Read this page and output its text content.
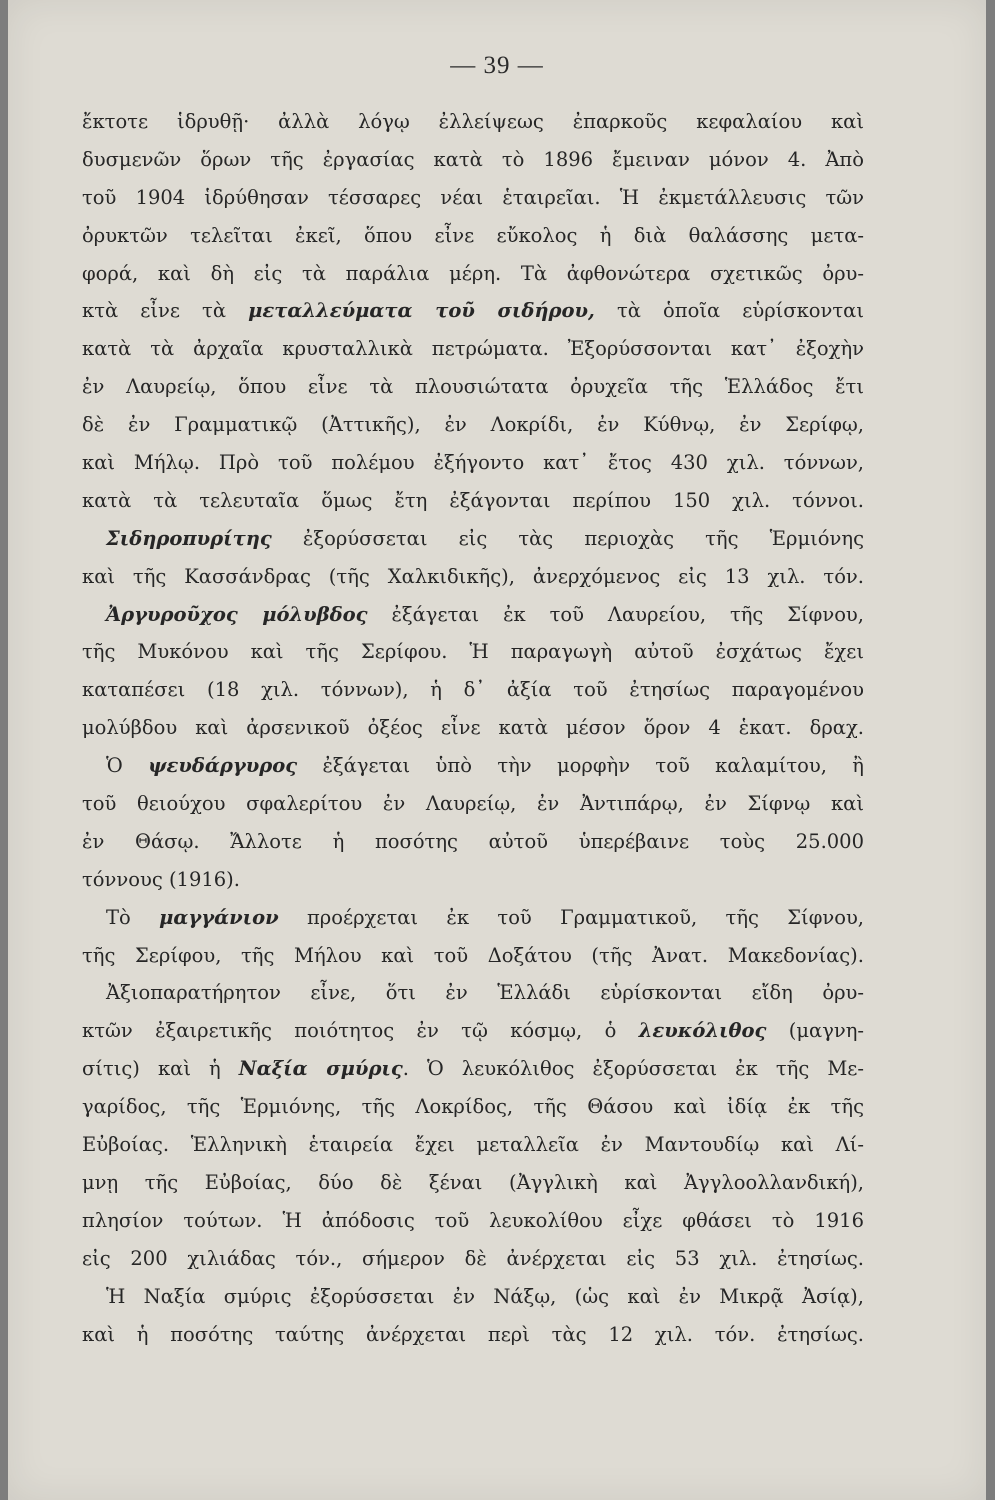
— 39 —
ἔκτοτε ἱδρυθῇ· ἀλλὰ λόγῳ ἐλλείψεως ἐπαρκοῦς κεφαλαίου καὶ
δυσμενῶν ὅρων τῆς ἐργασίας κατὰ τὸ 1896 ἔμειναν μόνον 4. Ἀπὸ
τοῦ 1904 ἱδρύθησαν τέσσαρες νέαι ἑταιρεῖαι. Ἡ ἐκμετάλλευσις τῶν
ὀρυκτῶν τελεῖται ἐκεῖ, ὅπου εἶνε εὔκολος ἡ διὰ θαλάσσης μετα-
φορά, καὶ δὴ εἰς τὰ παράλια μέρη. Τὰ ἀφθονώτερα σχετικῶς ὀρυ-
κτὰ εἶνε τὰ μεταλλεύματα τοῦ σιδήρου, τὰ ὁποῖα εὑρίσκονται
κατὰ τὰ ἀρχαῖα κρυσταλλικὰ πετρώματα. Ἐξορύσσονται κατ᾽ ἐξοχὴν
ἐν Λαυρείῳ, ὅπου εἶνε τὰ πλουσιώτατα ὀρυχεῖα τῆς Ἑλλάδος ἔτι
δὲ ἐν Γραμματικῷ (Ἀττικῆς), ἐν Λοκρίδι, ἐν Κύθνῳ, ἐν Σερίφῳ,
καὶ Μήλῳ. Πρὸ τοῦ πολέμου ἐξήγοντο κατ᾽ ἔτος 430 χιλ. τόννων,
κατὰ τὰ τελευταῖα ὅμως ἔτη ἐξάγονται περίπου 150 χιλ. τόννοι.
Σιδηροπυρίτης ἐξορύσσεται εἰς τὰς περιοχὰς τῆς Ἑρμιόνης
καὶ τῆς Κασσάνδρας (τῆς Χαλκιδικῆς), ἀνερχόμενος εἰς 13 χιλ. τόν.
Ἀργυροῦχος μόλυβδος ἐξάγεται ἐκ τοῦ Λαυρείου, τῆς Σίφνου,
τῆς Μυκόνου καὶ τῆς Σερίφου. Ἡ παραγωγὴ αὐτοῦ ἐσχάτως ἔχει
καταπέσει (18 χιλ. τόννων), ἡ δ᾽ ἀξία τοῦ ἐτησίως παραγομένου
μολύβδου καὶ ἀρσενικοῦ ὀξέος εἶνε κατὰ μέσον ὅρον 4 ἑκατ. δραχ.
Ὁ ψευδάργυρος ἐξάγεται ὑπὸ τὴν μορφὴν τοῦ καλαμίτου, ἢ
τοῦ θειούχου σφαλερίτου ἐν Λαυρείῳ, ἐν Ἀντιπάρῳ, ἐν Σίφνῳ καὶ
ἐν Θάσῳ. Ἄλλοτε ἡ ποσότης αὐτοῦ ὑπερέβαινε τοὺς 25.000
τόννους (1916).
Τὸ μαγγάνιον προέρχεται ἐκ τοῦ Γραμματικοῦ, τῆς Σίφνου,
τῆς Σερίφου, τῆς Μήλου καὶ τοῦ Δοξάτου (τῆς Ἀνατ. Μακεδονίας).
Ἀξιοπαρατήρητον εἶνε, ὅτι ἐν Ἑλλάδι εὑρίσκονται εἴδη ὀρυ-
κτῶν ἐξαιρετικῆς ποιότητος ἐν τῷ κόσμῳ, ὁ λευκόλιθος (μαγνη-
σίτις) καὶ ἡ Ναξία σμύρις. Ὁ λευκόλιθος ἐξορύσσεται ἐκ τῆς Με-
γαρίδος, τῆς Ἑρμιόνης, τῆς Λοκρίδος, τῆς Θάσου καὶ ἰδίᾳ ἐκ τῆς
Εὐβοίας. Ἑλληνικὴ ἑταιρεία ἔχει μεταλλεῖα ἐν Μαντουδίῳ καὶ Λί-
μνῃ τῆς Εὐβοίας, δύο δὲ ξέναι (Ἀγγλικὴ καὶ Ἀγγλοολλανδική),
πλησίον τούτων. Ἡ ἀπόδοσις τοῦ λευκολίθου εἶχε φθάσει τὸ 1916
εἰς 200 χιλιάδας τόν., σήμερον δὲ ἀνέρχεται εἰς 53 χιλ. ἐτησίως.
Ἡ Ναξία σμύρις ἐξορύσσεται ἐν Νάξῳ, (ὡς καὶ ἐν Μικρᾷ Ἀσίᾳ),
καὶ ἡ ποσότης ταύτης ἀνέρχεται περὶ τὰς 12 χιλ. τόν. ἐτησίως.
